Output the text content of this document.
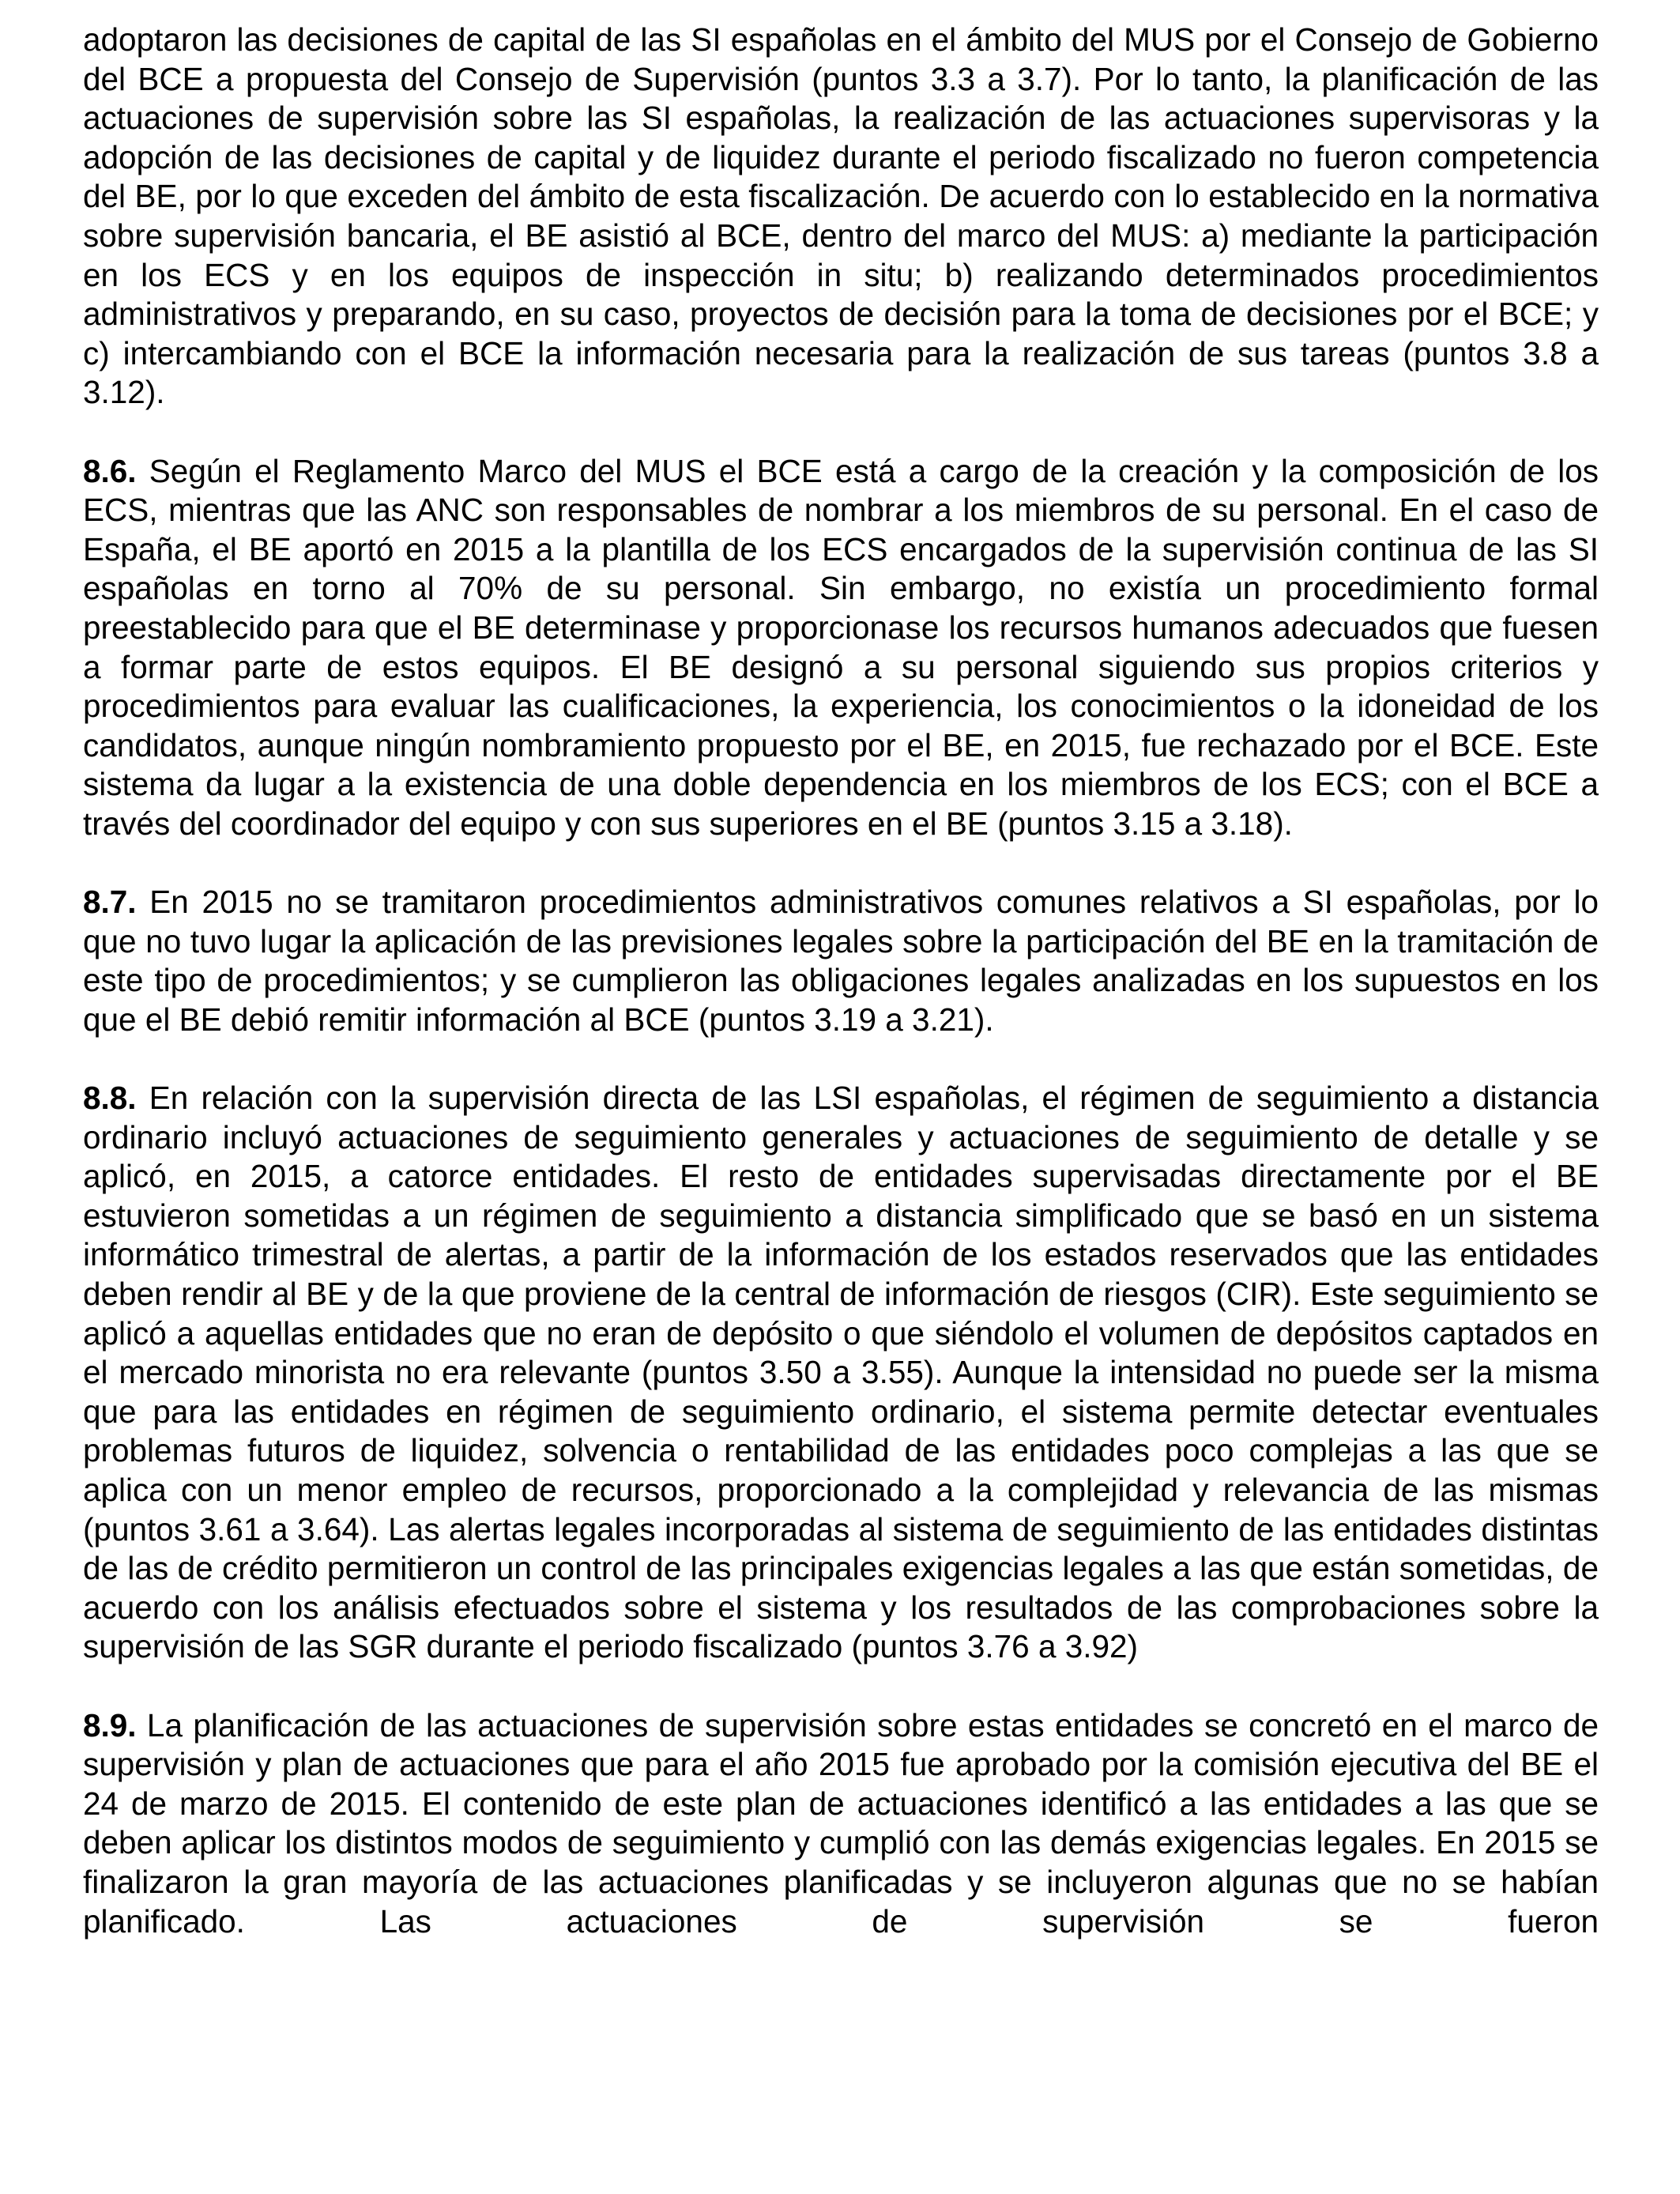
adoptaron las decisiones de capital de las SI españolas en el ámbito del MUS por el Consejo de Gobierno del BCE a propuesta del Consejo de Supervisión (puntos 3.3 a 3.7). Por lo tanto, la planificación de las actuaciones de supervisión sobre las SI españolas, la realización de las actuaciones supervisoras y la adopción de las decisiones de capital y de liquidez durante el periodo fiscalizado no fueron competencia del BE, por lo que exceden del ámbito de esta fiscalización. De acuerdo con lo establecido en la normativa sobre supervisión bancaria, el BE asistió al BCE, dentro del marco del MUS: a) mediante la participación en los ECS y en los equipos de inspección in situ; b) realizando determinados procedimientos administrativos y preparando, en su caso, proyectos de decisión para la toma de decisiones por el BCE; y c) intercambiando con el BCE la información necesaria para la realización de sus tareas (puntos 3.8 a 3.12).

8.6. Según el Reglamento Marco del MUS el BCE está a cargo de la creación y la composición de los ECS, mientras que las ANC son responsables de nombrar a los miembros de su personal. En el caso de España, el BE aportó en 2015 a la plantilla de los ECS encargados de la supervisión continua de las SI españolas en torno al 70% de su personal. Sin embargo, no existía un procedimiento formal preestablecido para que el BE determinase y proporcionase los recursos humanos adecuados que fuesen a formar parte de estos equipos. El BE designó a su personal siguiendo sus propios criterios y procedimientos para evaluar las cualificaciones, la experiencia, los conocimientos o la idoneidad de los candidatos, aunque ningún nombramiento propuesto por el BE, en 2015, fue rechazado por el BCE. Este sistema da lugar a la existencia de una doble dependencia en los miembros de los ECS; con el BCE a través del coordinador del equipo y con sus superiores en el BE (puntos 3.15 a 3.18).

8.7. En 2015 no se tramitaron procedimientos administrativos comunes relativos a SI españolas, por lo que no tuvo lugar la aplicación de las previsiones legales sobre la participación del BE en la tramitación de este tipo de procedimientos; y se cumplieron las obligaciones legales analizadas en los supuestos en los que el BE debió remitir información al BCE (puntos 3.19 a 3.21).

8.8. En relación con la supervisión directa de las LSI españolas, el régimen de seguimiento a distancia ordinario incluyó actuaciones de seguimiento generales y actuaciones de seguimiento de detalle y se aplicó, en 2015, a catorce entidades. El resto de entidades supervisadas directamente por el BE estuvieron sometidas a un régimen de seguimiento a distancia simplificado que se basó en un sistema informático trimestral de alertas, a partir de la información de los estados reservados que las entidades deben rendir al BE y de la que proviene de la central de información de riesgos (CIR). Este seguimiento se aplicó a aquellas entidades que no eran de depósito o que siéndolo el volumen de depósitos captados en el mercado minorista no era relevante (puntos 3.50 a 3.55). Aunque la intensidad no puede ser la misma que para las entidades en régimen de seguimiento ordinario, el sistema permite detectar eventuales problemas futuros de liquidez, solvencia o rentabilidad de las entidades poco complejas a las que se aplica con un menor empleo de recursos, proporcionado a la complejidad y relevancia de las mismas (puntos 3.61 a 3.64). Las alertas legales incorporadas al sistema de seguimiento de las entidades distintas de las de crédito permitieron un control de las principales exigencias legales a las que están sometidas, de acuerdo con los análisis efectuados sobre el sistema y los resultados de las comprobaciones sobre la supervisión de las SGR durante el periodo fiscalizado (puntos 3.76 a 3.92)

8.9. La planificación de las actuaciones de supervisión sobre estas entidades se concretó en el marco de supervisión y plan de actuaciones que para el año 2015 fue aprobado por la comisión ejecutiva del BE el 24 de marzo de 2015. El contenido de este plan de actuaciones identificó a las entidades a las que se deben aplicar los distintos modos de seguimiento y cumplió con las demás exigencias legales. En 2015 se finalizaron la gran mayoría de las actuaciones planificadas y se incluyeron algunas que no se habían planificado. Las actuaciones de supervisión se fueron
